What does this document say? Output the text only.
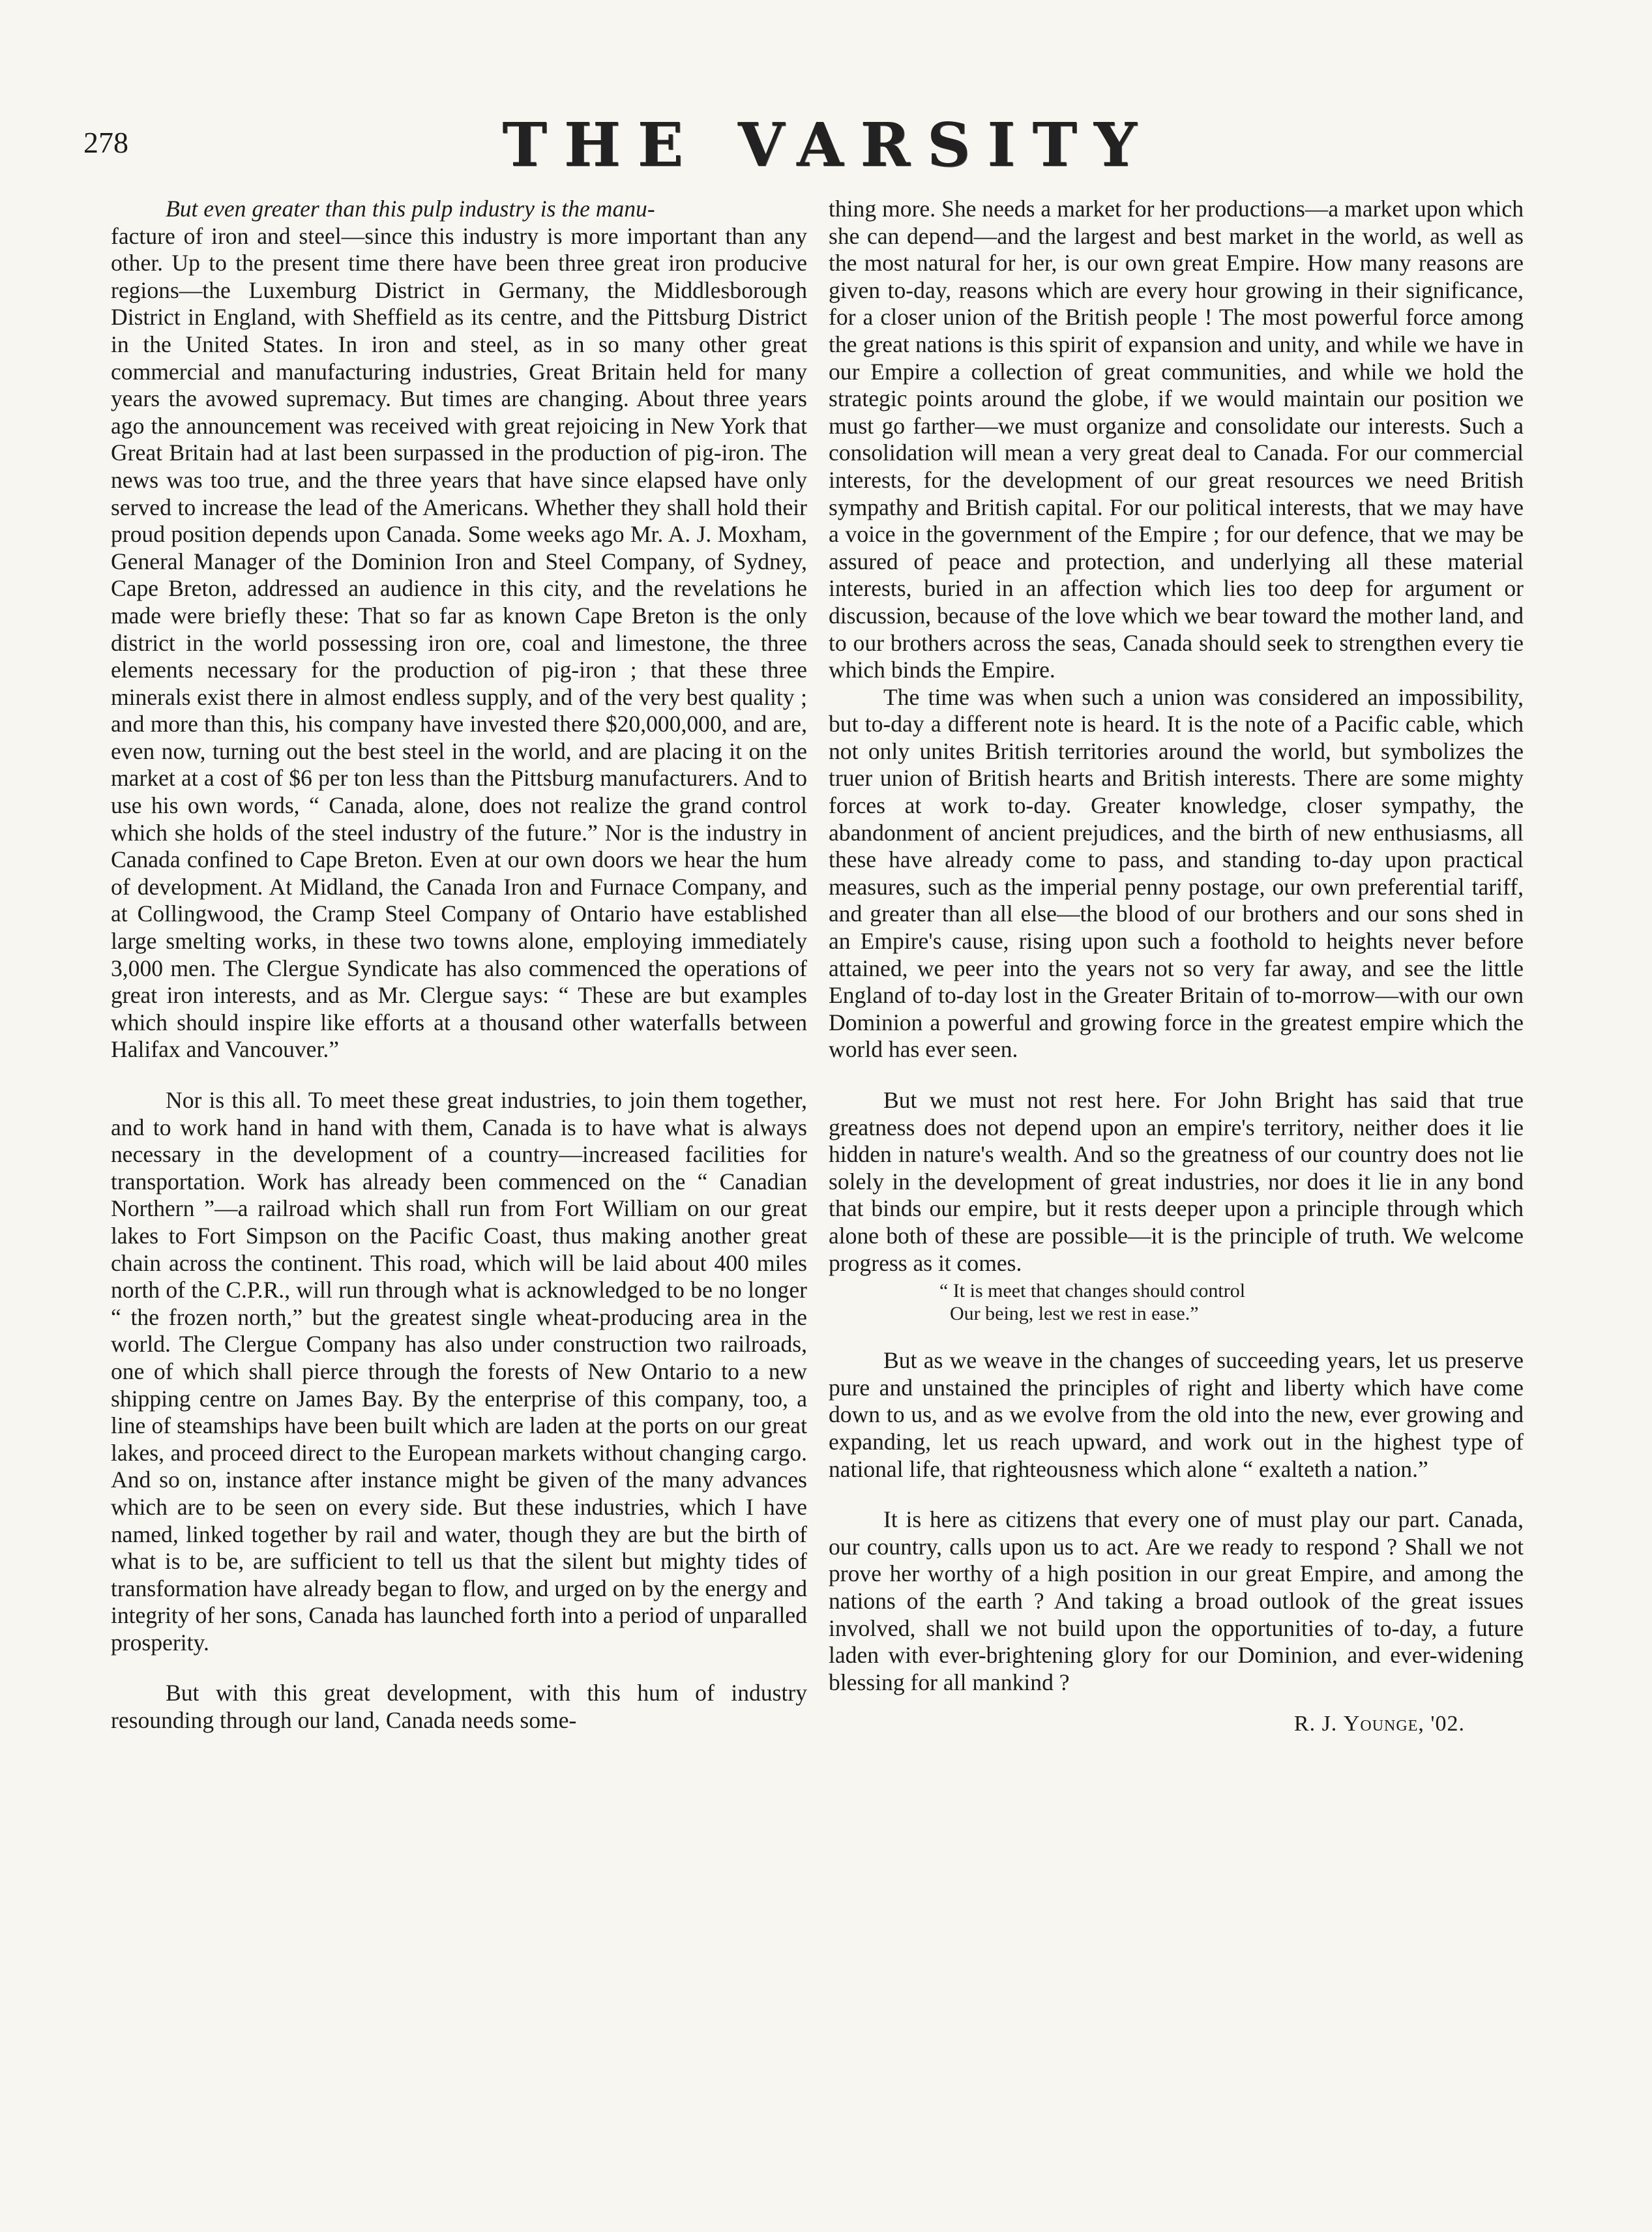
278	THE VARSITY

But even greater than this pulp industry is the manu-

facture of iron and steel—since this industry is more important than any other. Up to the present time there have been three great iron producive regions—the Luxemburg District in Germany, the Middlesborough District in England, with Sheffield as its centre, and the Pittsburg District in the United States. In iron and steel, as in so many other great commercial and manufacturing industries, Great Britain held for many years the avowed supremacy. But times are changing. About three years ago the announcement was received with great rejoicing in New York that Great Britain had at last been surpassed in the production of pig-iron. The news was too true, and the three years that have since elapsed have only served to increase the lead of the Americans. Whether they shall hold their proud position depends upon Canada. Some weeks ago Mr. A. J. Moxham, General Manager of the Dominion Iron and Steel Company, of Sydney, Cape Breton, addressed an audience in this city, and the revelations he made were briefly these: That so far as known Cape Breton is the only district in the world possessing iron ore, coal and limestone, the three elements necessary for the production of pig-iron ; that these three minerals exist there in almost endless supply, and of the very best quality ; and more than this, his company have invested there $20,000,000, and are, even now, turning out the best steel in the world, and are placing it on the market at a cost of $6 per ton less than the Pittsburg manufacturers. And to use his own words, “ Canada, alone, does not realize the grand control which she holds of the steel industry of the future.” Nor is the industry in Canada confined to Cape Breton. Even at our own doors we hear the hum of development. At Midland, the Canada Iron and Furnace Company, and at Collingwood, the Cramp Steel Company of Ontario have established large smelting works, in these two towns alone, employing immediately 3,000 men. The Clergue Syndicate has also commenced the operations of great iron interests, and as Mr. Clergue says: “ These are but examples which should inspire like efforts at a thousand other waterfalls between Halifax and Vancouver.”

Nor is this all. To meet these great industries, to join them together, and to work hand in hand with them, Canada is to have what is always necessary in the development of a country—increased facilities for transportation. Work has already been commenced on the “ Canadian Northern ”—a railroad which shall run from Fort William on our great lakes to Fort Simpson on the Pacific Coast, thus making another great chain across the continent. This road, which will be laid about 400 miles north of the C.P.R., will run through what is acknowledged to be no longer “ the frozen north,” but the greatest single wheat-producing area in the world. The Clergue Company has also under construction two railroads, one of which shall pierce through the forests of New Ontario to a new shipping centre on James Bay. By the enterprise of this company, too, a line of steamships have been built which are laden at the ports on our great lakes, and proceed direct to the European markets without changing cargo. And so on, instance after instance might be given of the many advances which are to be seen on every side. But these industries, which I have named, linked together by rail and water, though they are but the birth of what is to be, are sufficient to tell us that the silent but mighty tides of transformation have already began to flow, and urged on by the energy and integrity of her sons, Canada has launched forth into a period of unparalled prosperity.

But with this great development, with this hum of industry resounding through our land, Canada needs some-

thing more. She needs a market for her productions—a market upon which she can depend—and the largest and best market in the world, as well as the most natural for her, is our own great Empire. How many reasons are given to-day, reasons which are every hour growing in their significance, for a closer union of the British people ! The most powerful force among the great nations is this spirit of expansion and unity, and while we have in our Empire a collection of great communities, and while we hold the strategic points around the globe, if we would maintain our position we must go farther—we must organize and consolidate our interests. Such a consolidation will mean a very great deal to Canada. For our commercial interests, for the development of our great resources we need British sympathy and British capital. For our political interests, that we may have a voice in the government of the Empire ; for our defence, that we may be assured of peace and protection, and underlying all these material interests, buried in an affection which lies too deep for argument or discussion, because of the love which we bear toward the mother land, and to our brothers across the seas, Canada should seek to strengthen every tie which binds the Empire.

The time was when such a union was considered an impossibility, but to-day a different note is heard. It is the note of a Pacific cable, which not only unites British territories around the world, but symbolizes the truer union of British hearts and British interests. There are some mighty forces at work to-day. Greater knowledge, closer sympathy, the abandonment of ancient prejudices, and the birth of new enthusiasms, all these have already come to pass, and standing to-day upon practical measures, such as the imperial penny postage, our own preferential tariff, and greater than all else—the blood of our brothers and our sons shed in an Empire's cause, rising upon such a foothold to heights never before attained, we peer into the years not so very far away, and see the little England of to-day lost in the Greater Britain of to-morrow—with our own Dominion a powerful and growing force in the greatest empire which the world has ever seen.

But we must not rest here. For John Bright has said that true greatness does not depend upon an empire's territory, neither does it lie hidden in nature's wealth. And so the greatness of our country does not lie solely in the development of great industries, nor does it lie in any bond that binds our empire, but it rests deeper upon a principle through which alone both of these are possible—it is the principle of truth. We welcome progress as it comes.

“ It is meet that changes should control
Our being, lest we rest in ease.”

But as we weave in the changes of succeeding years, let us preserve pure and unstained the principles of right and liberty which have come down to us, and as we evolve from the old into the new, ever growing and expanding, let us reach upward, and work out in the highest type of national life, that righteousness which alone “ exalteth a nation.”

It is here as citizens that every one of must play our part. Canada, our country, calls upon us to act. Are we ready to respond ? Shall we not prove her worthy of a high position in our great Empire, and among the nations of the earth ? And taking a broad outlook of the great issues involved, shall we not build upon the opportunities of to-day, a future laden with ever-brightening glory for our Dominion, and ever-widening blessing for all mankind ?

R. J. Younge, '02.
